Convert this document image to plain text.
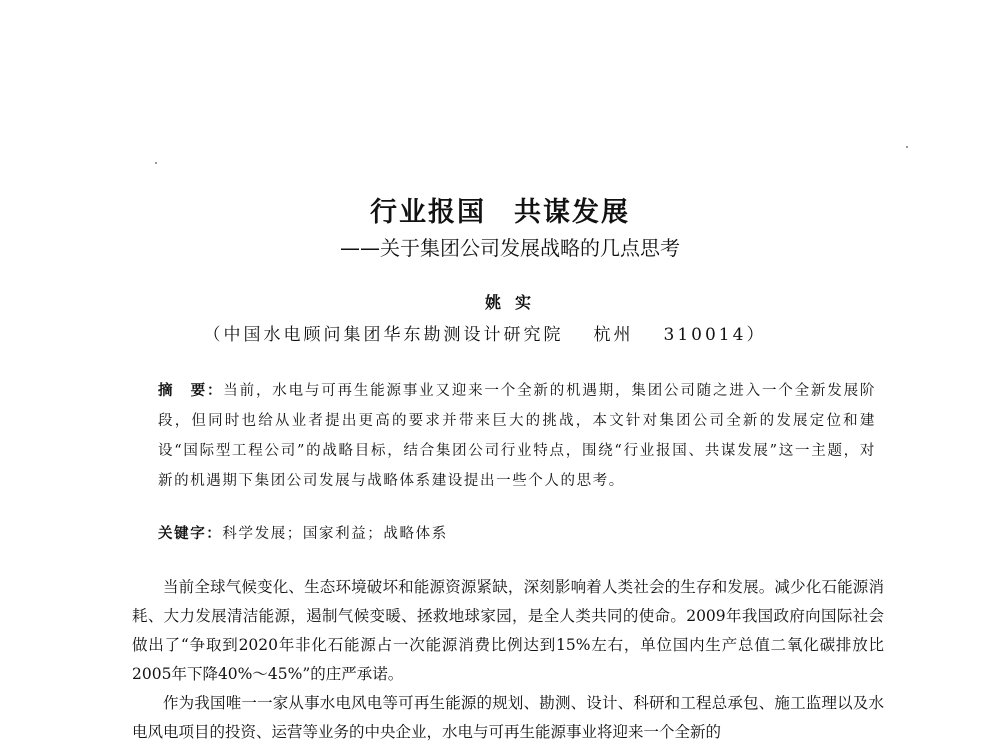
行业报国 共谋发展
——关于集团公司发展战略的几点思考
姚实
（中国水电顾问集团华东勘测设计研究院 杭州 310014）
摘　要：当前，水电与可再生能源事业又迎来一个全新的机遇期，集团公司随之进入一个全新发展阶段，但同时也给从业者提出更高的要求并带来巨大的挑战，本文针对集团公司全新的发展定位和建设“国际型工程公司”的战略目标，结合集团公司行业特点，围绕“行业报国、共谋发展”这一主题，对新的机遇期下集团公司发展与战略体系建设提出一些个人的思考。
关键字：科学发展；国家利益；战略体系

当前全球气候变化、生态环境破坏和能源资源紧缺，深刻影响着人类社会的生存和发展。减少化石能源消耗、大力发展清洁能源，遏制气候变暖、拯救地球家园，是全人类共同的使命。2009年我国政府向国际社会做出了“争取到2020年非化石能源占一次能源消费比例达到15%左右，单位国内生产总值二氧化碳排放比2005年下降40%～45%”的庄严承诺。

作为我国唯一一家从事水电风电等可再生能源的规划、勘测、设计、科研和工程总承包、施工监理以及水电风电项目的投资、运营等业务的中央企业，水电与可再生能源事业将迎来一个全新的
